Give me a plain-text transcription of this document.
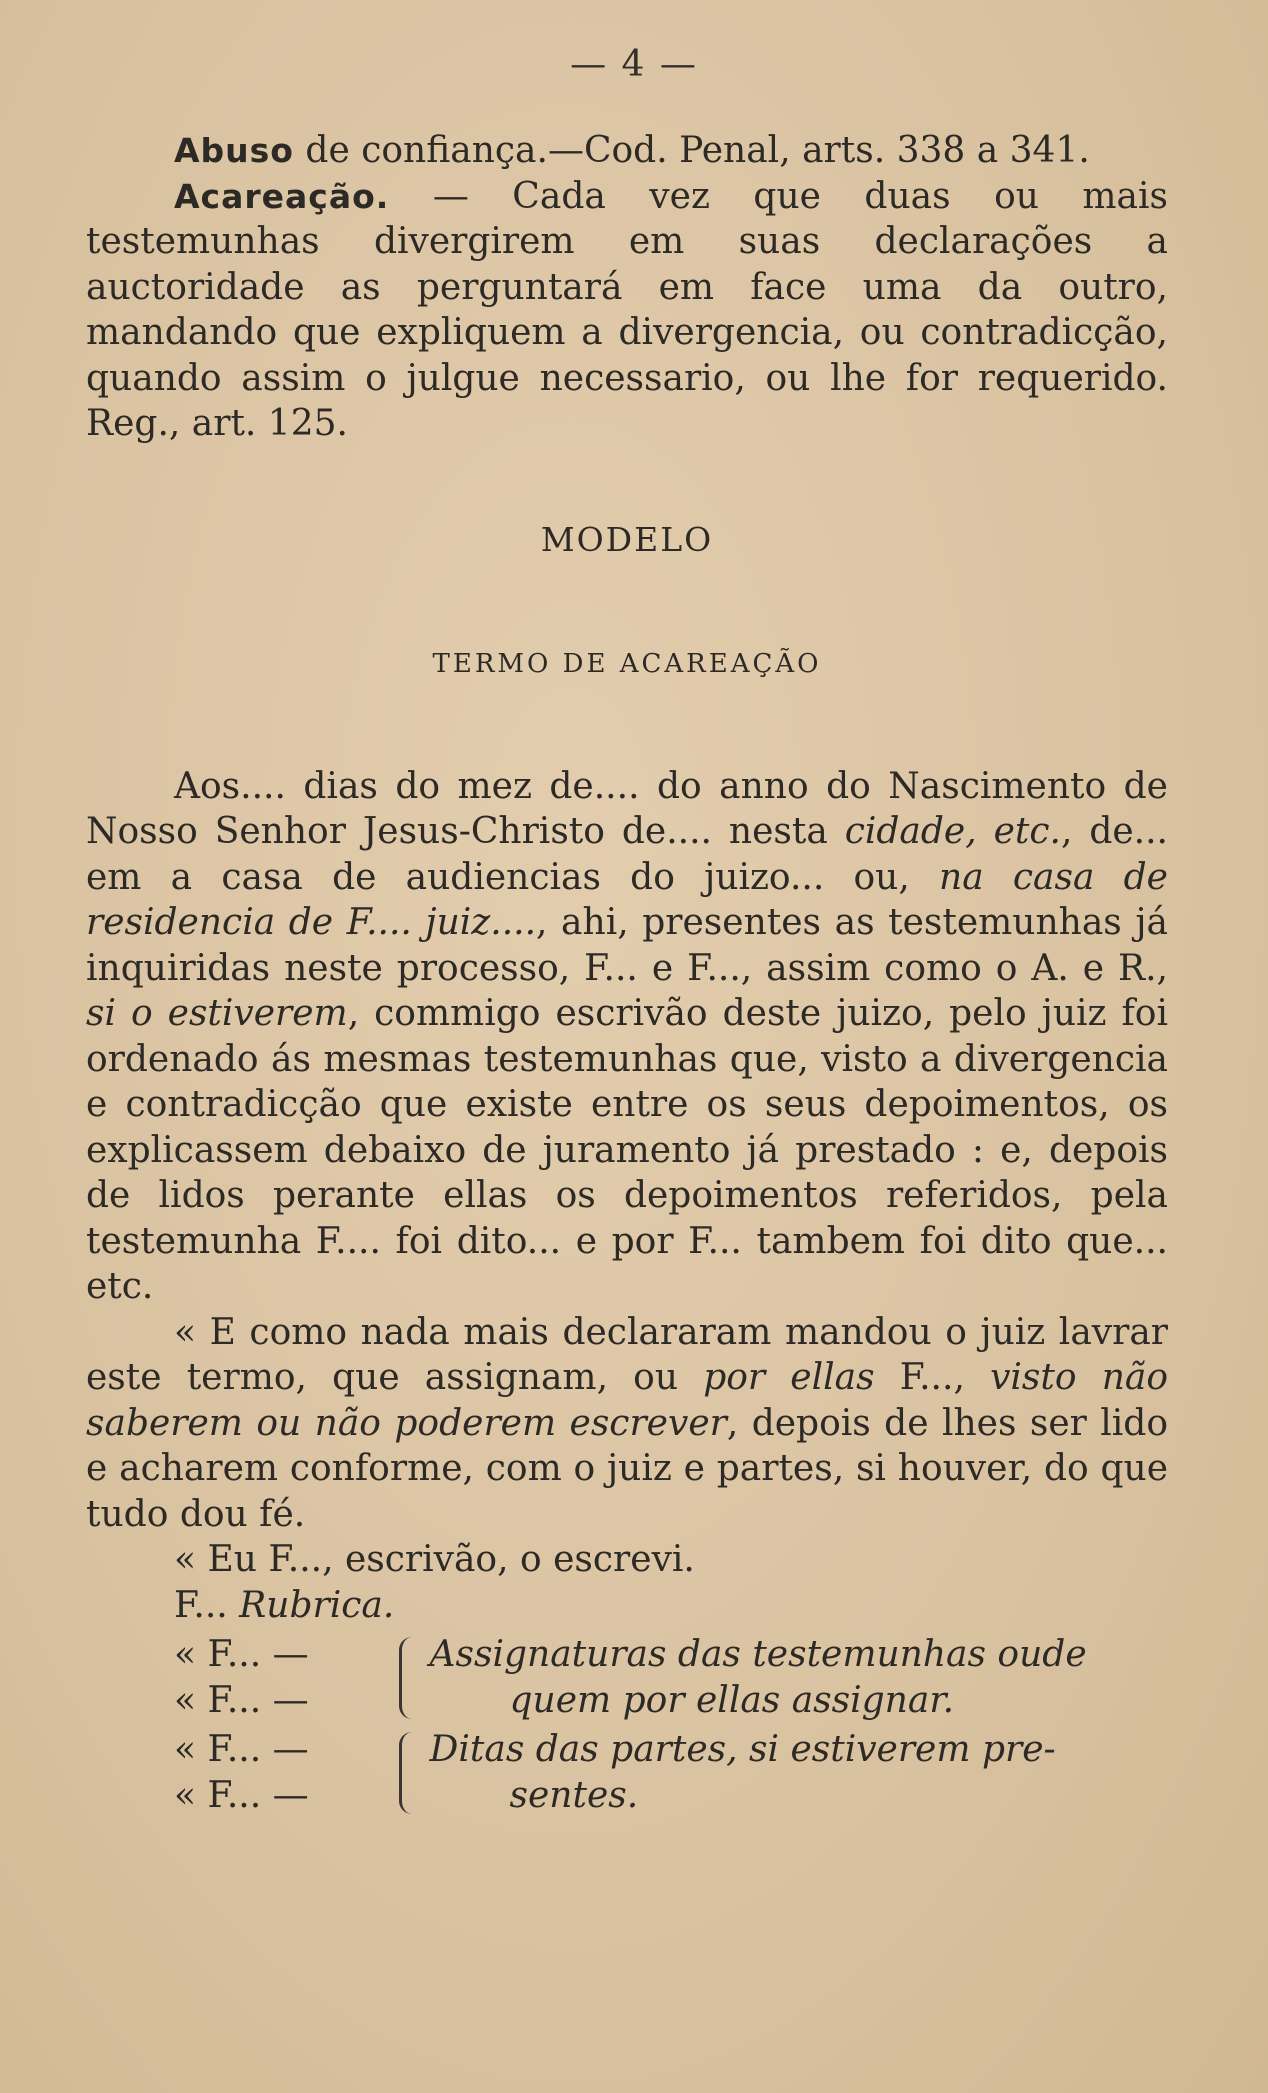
— 4 —

Abuso de confiança.—Cod. Penal, arts. 338 a 341.

Acareação. — Cada vez que duas ou mais testemunhas divergirem em suas declarações a auctoridade as perguntará em face uma da outro, mandando que expliquem a divergencia, ou contradicção, quando assim o julgue necessario, ou lhe for requerido. Reg., art. 125.

MODELO

TERMO DE ACAREAÇÃO

Aos.... dias do mez de.... do anno do Nascimento de Nosso Senhor Jesus-Christo de.... nesta cidade, etc., de... em a casa de audiencias do juizo... ou, na casa de residencia de F.... juiz...., ahi, presentes as testemunhas já inquiridas neste processo, F... e F..., assim como o A. e R., si o estiverem, commigo escrivão deste juizo, pelo juiz foi ordenado ás mesmas testemunhas que, visto a divergencia e contradicção que existe entre os seus depoimentos, os explicassem debaixo de juramento já prestado : e, depois de lidos perante ellas os depoimentos referidos, pela testemunha F.... foi dito... e por F... tambem foi dito que... etc.

« E como nada mais declararam mandou o juiz lavrar este termo, que assignam, ou por ellas F..., visto não saberem ou não poderem escrever, depois de lhes ser lido e acharem conforme, com o juiz e partes, si houver, do que tudo dou fé.

« Eu F..., escrivão, o escrevi.

F... Rubrica.

« F... —
« F... —
Assignaturas das testemunhas oude
quem por ellas assignar.
« F... —
« F... —
Ditas das partes, si estiverem pre-
sentes.
